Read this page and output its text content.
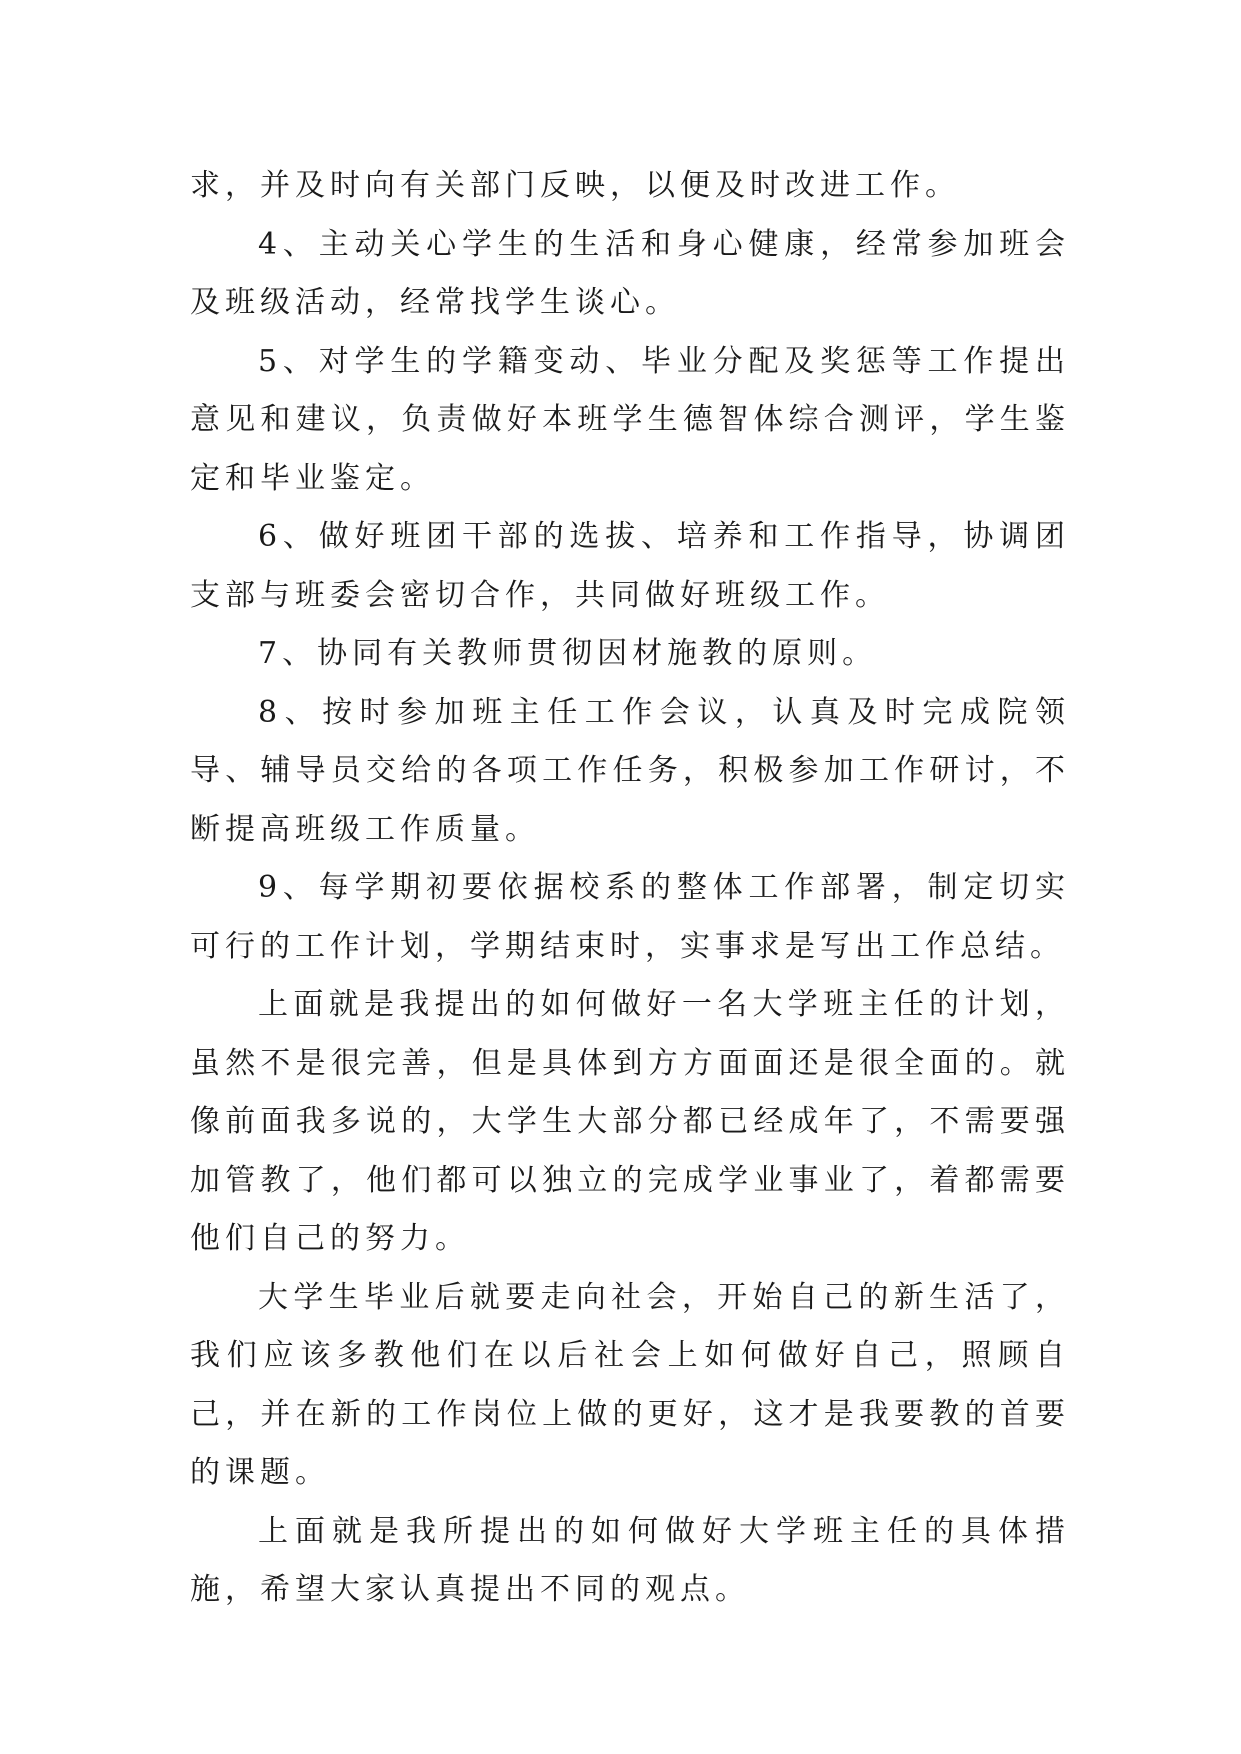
求，并及时向有关部门反映，以便及时改进工作。

4、主动关心学生的生活和身心健康，经常参加班会及班级活动，经常找学生谈心。

5、对学生的学籍变动、毕业分配及奖惩等工作提出意见和建议，负责做好本班学生德智体综合测评，学生鉴定和毕业鉴定。

6、做好班团干部的选拔、培养和工作指导，协调团支部与班委会密切合作，共同做好班级工作。

7、协同有关教师贯彻因材施教的原则。

8、按时参加班主任工作会议，认真及时完成院领导、辅导员交给的各项工作任务，积极参加工作研讨，不断提高班级工作质量。

9、每学期初要依据校系的整体工作部署，制定切实可行的工作计划，学期结束时，实事求是写出工作总结。

上面就是我提出的如何做好一名大学班主任的计划，虽然不是很完善，但是具体到方方面面还是很全面的。就像前面我多说的，大学生大部分都已经成年了，不需要强加管教了，他们都可以独立的完成学业事业了，着都需要他们自己的努力。

大学生毕业后就要走向社会，开始自己的新生活了，我们应该多教他们在以后社会上如何做好自己，照顾自己，并在新的工作岗位上做的更好，这才是我要教的首要的课题。

上面就是我所提出的如何做好大学班主任的具体措施，希望大家认真提出不同的观点。
